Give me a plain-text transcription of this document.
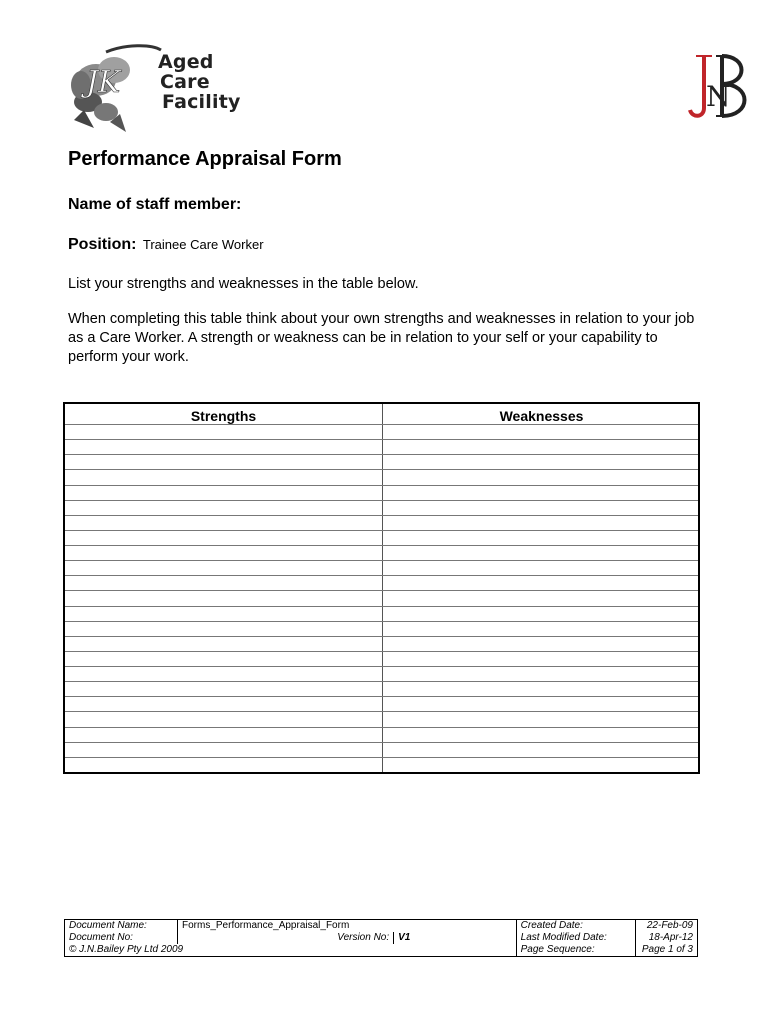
JK
Aged
Care
Facility	N
Performance Appraisal Form
Name of staff member:
Position: Trainee Care Worker
List your strengths and weaknesses in the table below.
When completing this table think about your own strengths and weaknesses in relation to your job as a Care Worker. A strength or weakness can be in relation to your self or your capability to perform your work.
Strengths	Weaknesses
Document Name:	Forms_Performance_Appraisal_Form			Created Date:	22-Feb-09
Document No:		Version No:	V1	Last Modified Date:	18-Apr-12
© J.N.Bailey Pty Ltd 2009				Page Sequence:	Page 1 of 3
